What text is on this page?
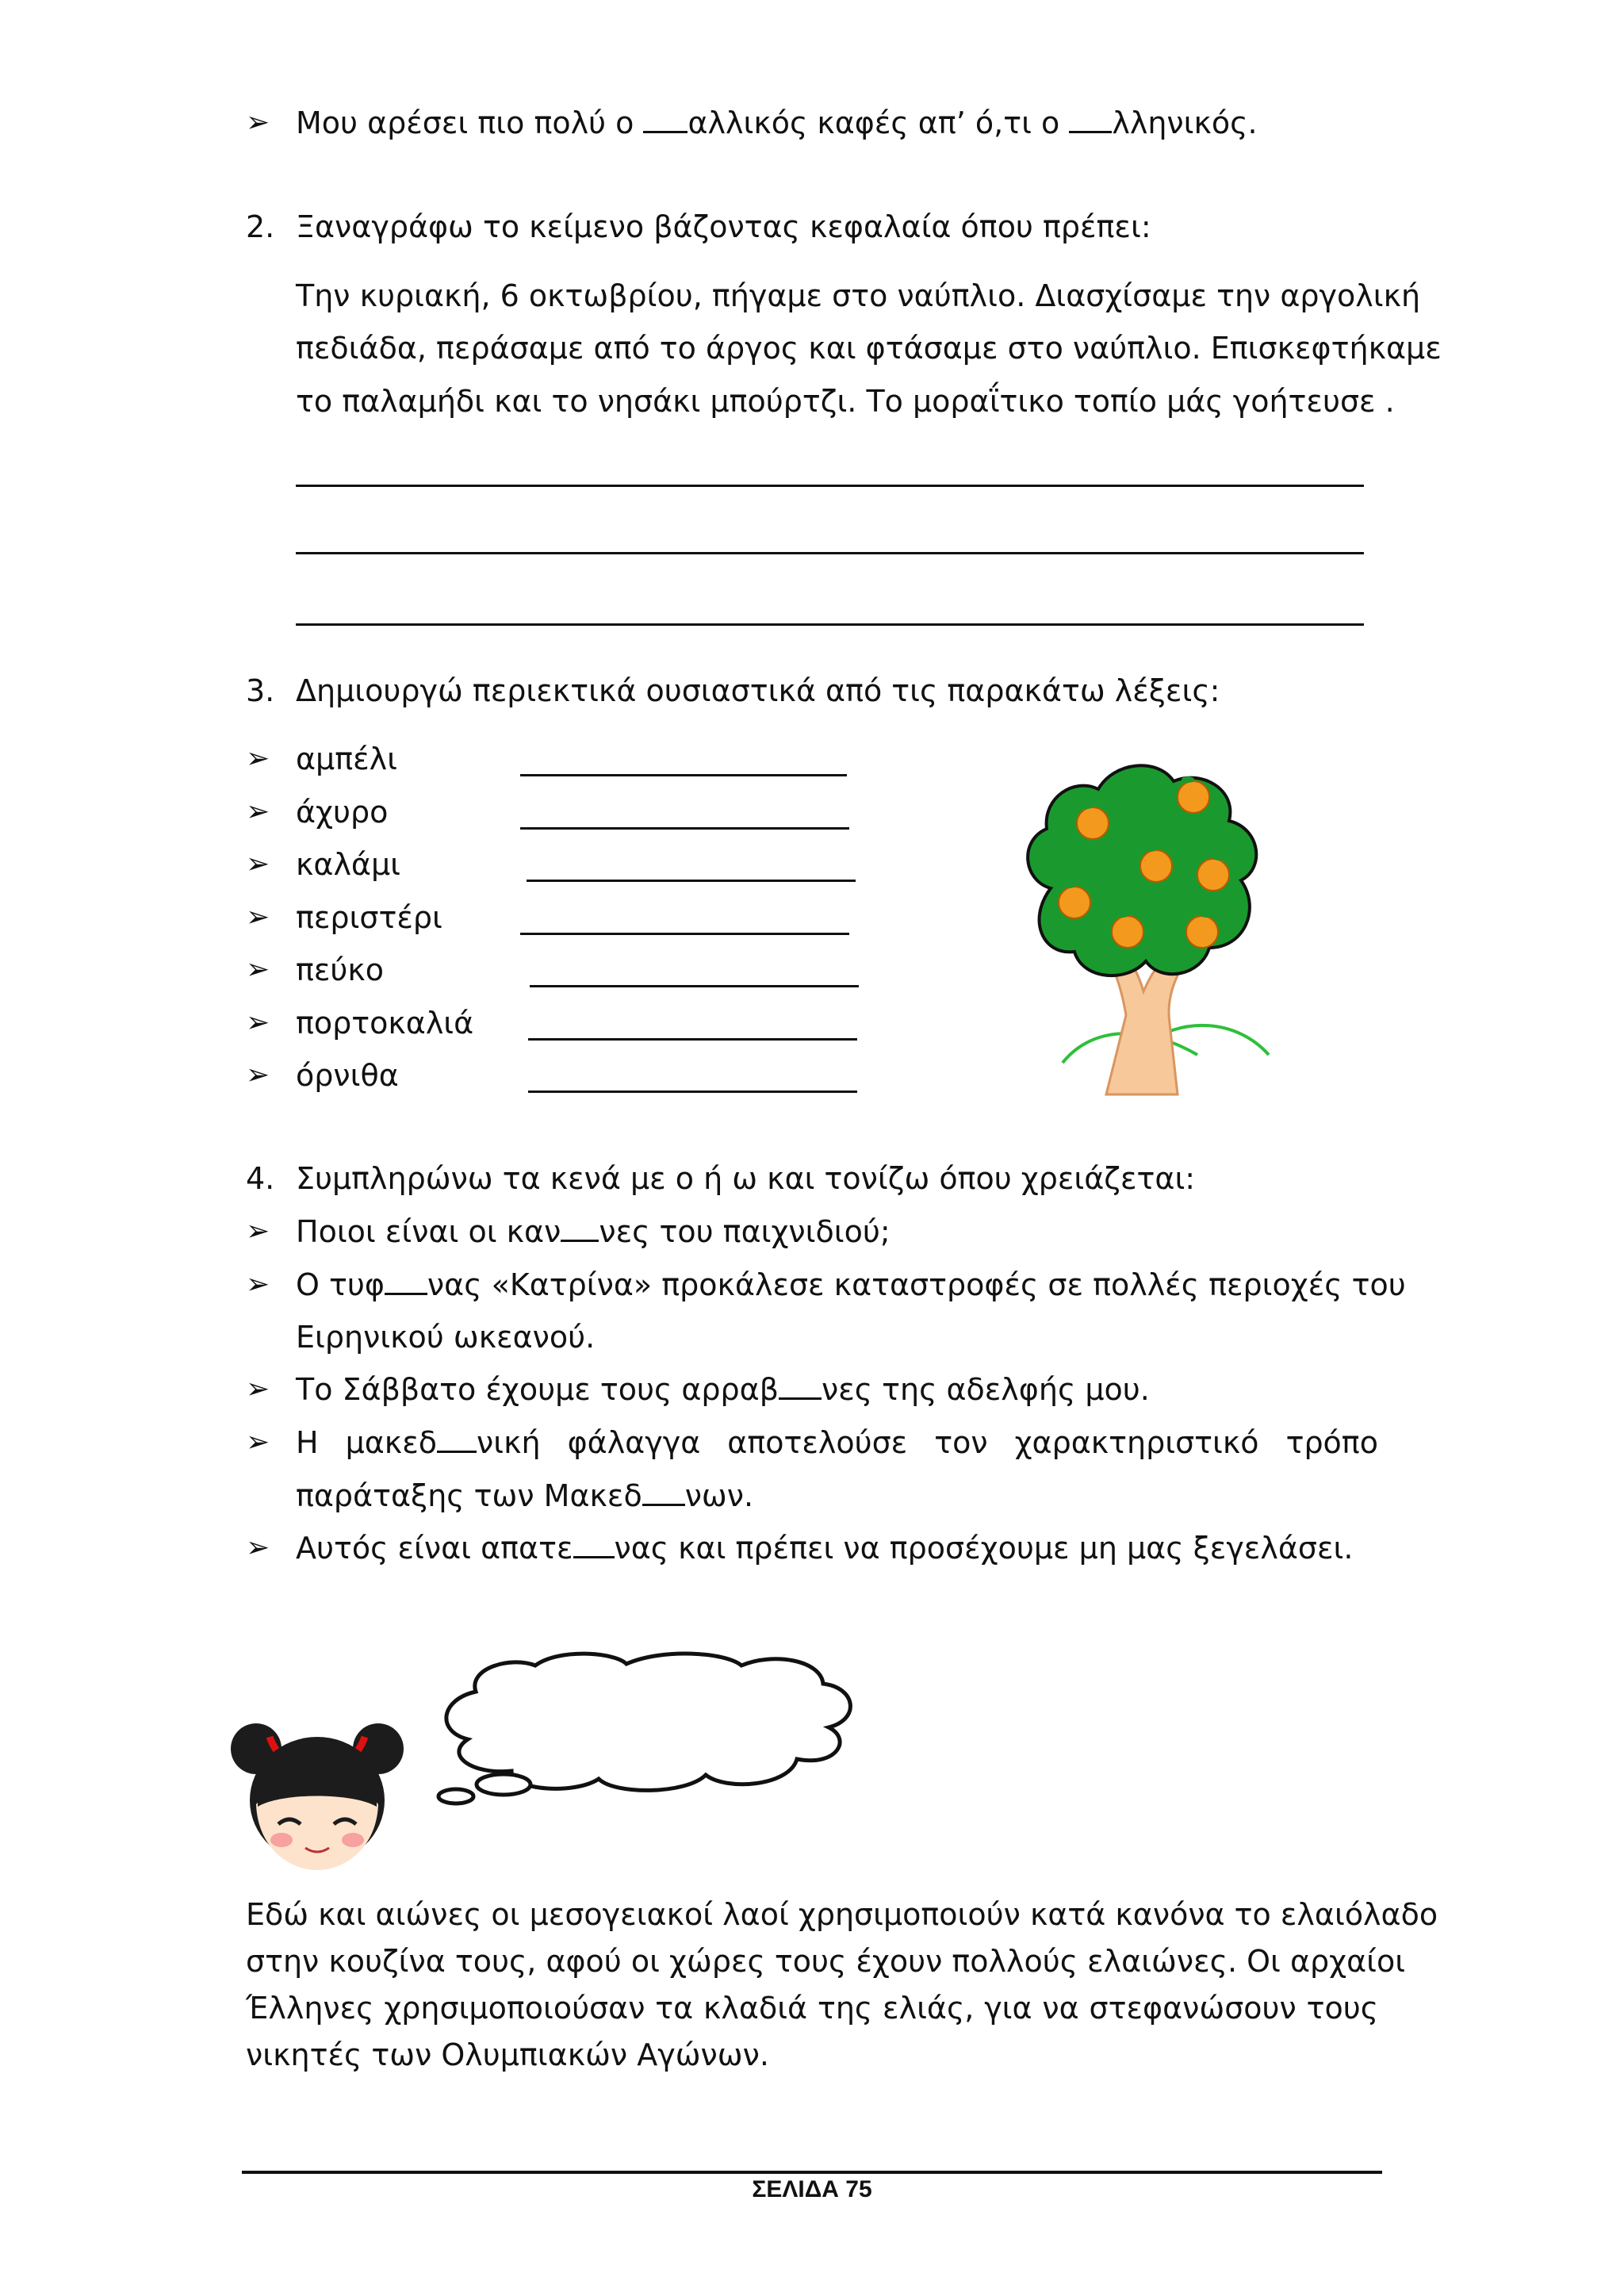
➢ Μου αρέσει πιο πολύ ο αλλικός καφές απ’ ό,τι ο λληνικός.
2. Ξαναγράφω το κείμενο βάζοντας κεφαλαία όπου πρέπει:
Την κυριακή, 6 οκτωβρίου, πήγαμε στο ναύπλιο. Διασχίσαμε την αργολική
πεδιάδα, περάσαμε από το άργος και φτάσαμε στο ναύπλιο. Επισκεφτήκαμε
το παλαμήδι και το νησάκι μπούρτζι. Το μοραΐτικο τοπίο μάς γοήτευσε .
3. Δημιουργώ περιεκτικά ουσιαστικά από τις παρακάτω λέξεις:
➢ αμπέλι
➢ άχυρο
➢ καλάμι
➢ περιστέρι
➢ πεύκο
➢ πορτοκαλιά
➢ όρνιθα
4. Συμπληρώνω τα κενά με ο ή ω και τονίζω όπου χρειάζεται:
➢ Ποιοι είναι οι καν νες του παιχνιδιού;
➢ Ο τυφ νας «Κατρίνα» προκάλεσε καταστροφές σε πολλές περιοχές του
Ειρηνικού ωκεανού.
➢ Το Σάββατο έχουμε τους αρραβ νες της αδελφής μου.
➢ Η μακεδ νική φάλαγγα αποτελούσε τον χαρακτηριστικό τρόπο
παράταξης των Μακεδ νων.
➢ Αυτός είναι απατε νας και πρέπει να προσέχουμε μη μας ξεγελάσει.
Εδώ και αιώνες οι μεσογειακοί λαοί χρησιμοποιούν κατά κανόνα το ελαιόλαδο
στην κουζίνα τους, αφού οι χώρες τους έχουν πολλούς ελαιώνες. Οι αρχαίοι
Έλληνες χρησιμοποιούσαν τα κλαδιά της ελιάς, για να στεφανώσουν τους
νικητές των Ολυμπιακών Αγώνων.
ΣΕΛΙΔΑ 75
